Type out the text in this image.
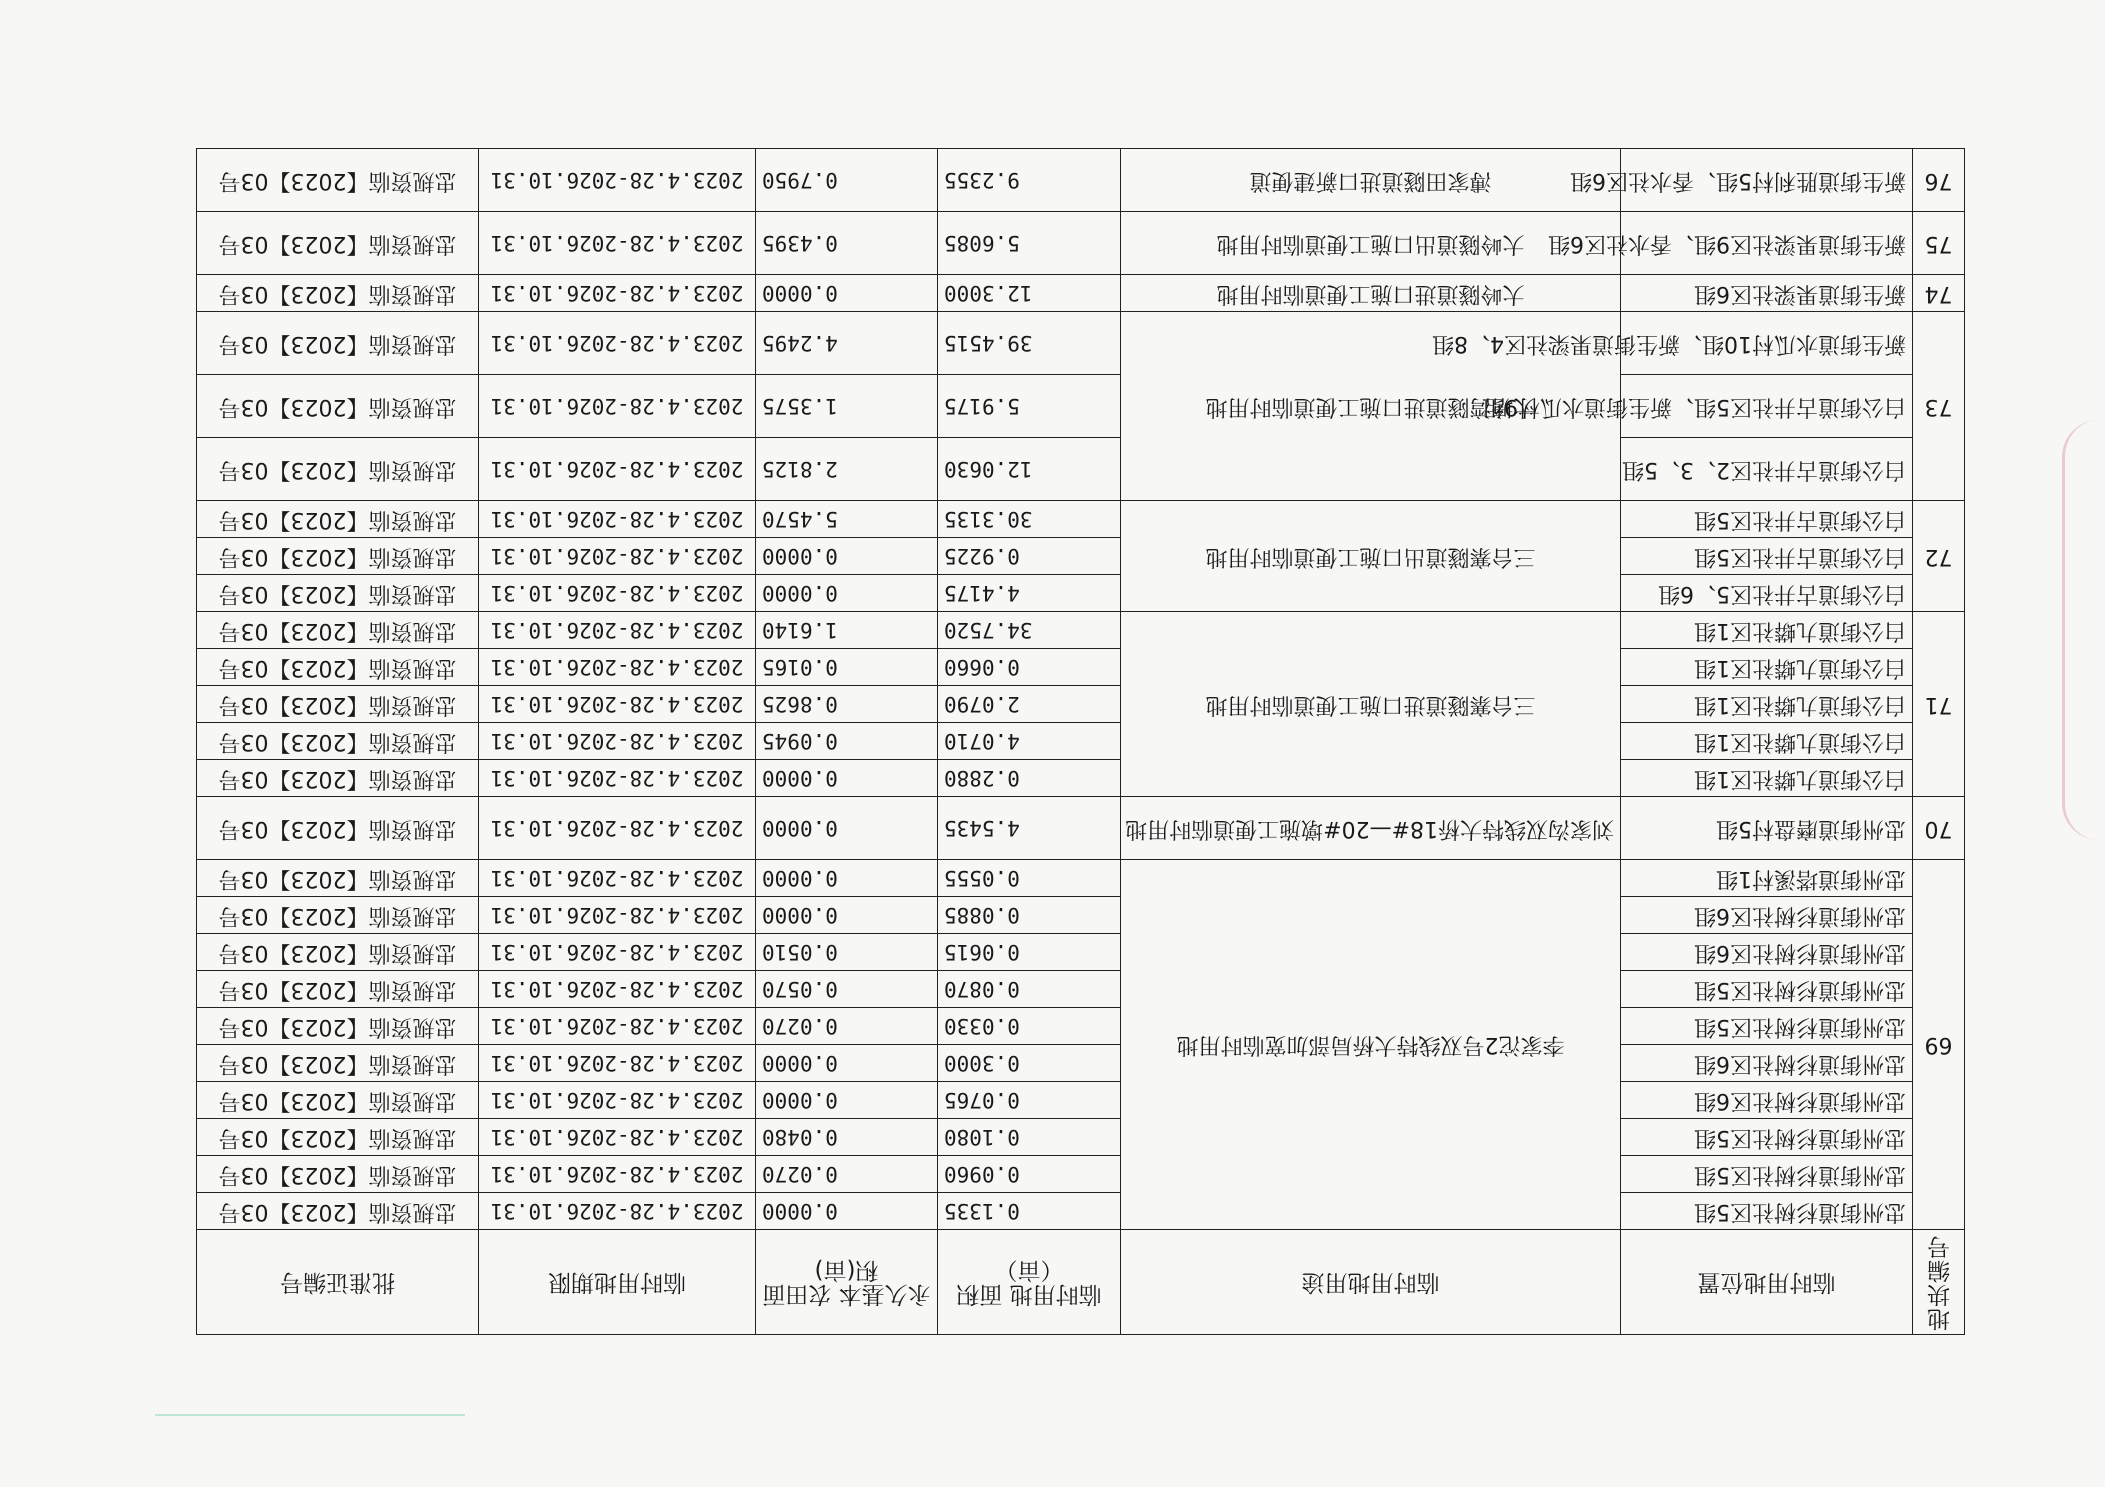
地块编号	临时用地位置	临时用地用途	临时用地 面积（亩）	永久基本 农田面积(亩)	临时用地期限	批准证编号
69	忠州街道杉树社区5组	李家沱2号双线特大桥局部加宽临时用地	0.1335	0.0000	2023.4.28-2026.10.31	忠规资临【2023】03号
	忠州街道杉树社区5组		0.0960	0.0270	2023.4.28-2026.10.31	忠规资临【2023】03号
	忠州街道杉树社区5组		0.1080	0.0480	2023.4.28-2026.10.31	忠规资临【2023】03号
	忠州街道杉树社区6组		0.0765	0.0000	2023.4.28-2026.10.31	忠规资临【2023】03号
	忠州街道杉树社区6组		0.3000	0.0000	2023.4.28-2026.10.31	忠规资临【2023】03号
	忠州街道杉树社区5组		0.0330	0.0270	2023.4.28-2026.10.31	忠规资临【2023】03号
	忠州街道杉树社区5组		0.0870	0.0570	2023.4.28-2026.10.31	忠规资临【2023】03号
	忠州街道杉树社区6组		0.0615	0.0510	2023.4.28-2026.10.31	忠规资临【2023】03号
	忠州街道杉树社区6组		0.0885	0.0000	2023.4.28-2026.10.31	忠规资临【2023】03号
	忠州街道塔溪村1组		0.0555	0.0000	2023.4.28-2026.10.31	忠规资临【2023】03号
70	忠州街道磨盘村5组	刘家沟双线特大桥18#—20#墩施工便道临时用地	4.5435	0.0000	2023.4.28-2026.10.31	忠规资临【2023】03号
71	白公街道九蟒社区1组	三台寨隧道进口施工便道临时用地	0.2880	0.0000	2023.4.28-2026.10.31	忠规资临【2023】03号
	白公街道九蟒社区1组		4.0710	0.0945	2023.4.28-2026.10.31	忠规资临【2023】03号
	白公街道九蟒社区1组		2.0790	0.8625	2023.4.28-2026.10.31	忠规资临【2023】03号
	白公街道九蟒社区1组		0.0660	0.0165	2023.4.28-2026.10.31	忠规资临【2023】03号
	白公街道九蟒社区1组		34.7520	1.6140	2023.4.28-2026.10.31	忠规资临【2023】03号
72	白公街道古井社区5、6组	三台寨隧道出口施工便道临时用地	4.4175	0.0000	2023.4.28-2026.10.31	忠规资临【2023】03号
	白公街道古井社区5组		0.9225	0.0000	2023.4.28-2026.10.31	忠规资临【2023】03号
	白公街道古井社区5组		30.3135	5.4570	2023.4.28-2026.10.31	忠规资临【2023】03号
73	白公街道古井社区2、3、5组	大塘湾隧道进口施工便道临时用地	12.0630	2.8125	2023.4.28-2026.10.31	忠规资临【2023】03号
	白公街道古井社区5组、新生街道水瓜村9组		5.9175	1.3575	2023.4.28-2026.10.31	忠规资临【2023】03号
	新生街道水瓜村10组、新生街道果梁社区4、8组		39.4515	4.2495	2023.4.28-2026.10.31	忠规资临【2023】03号
74	新生街道果梁社区6组	大岭隧道进口施工便道临时用地	12.3000	0.0000	2023.4.28-2026.10.31	忠规资临【2023】03号
75	新生街道果梁社区9组、香水社区6组	大岭隧道出口施工便道临时用地	5.6085	0.4395	2023.4.28-2026.10.31	忠规资临【2023】03号
76	新生街道胜利村5组、香水社区6组	溥家田隧道进口新建便道	9.2355	0.7950	2023.4.28-2026.10.31	忠规资临【2023】03号
